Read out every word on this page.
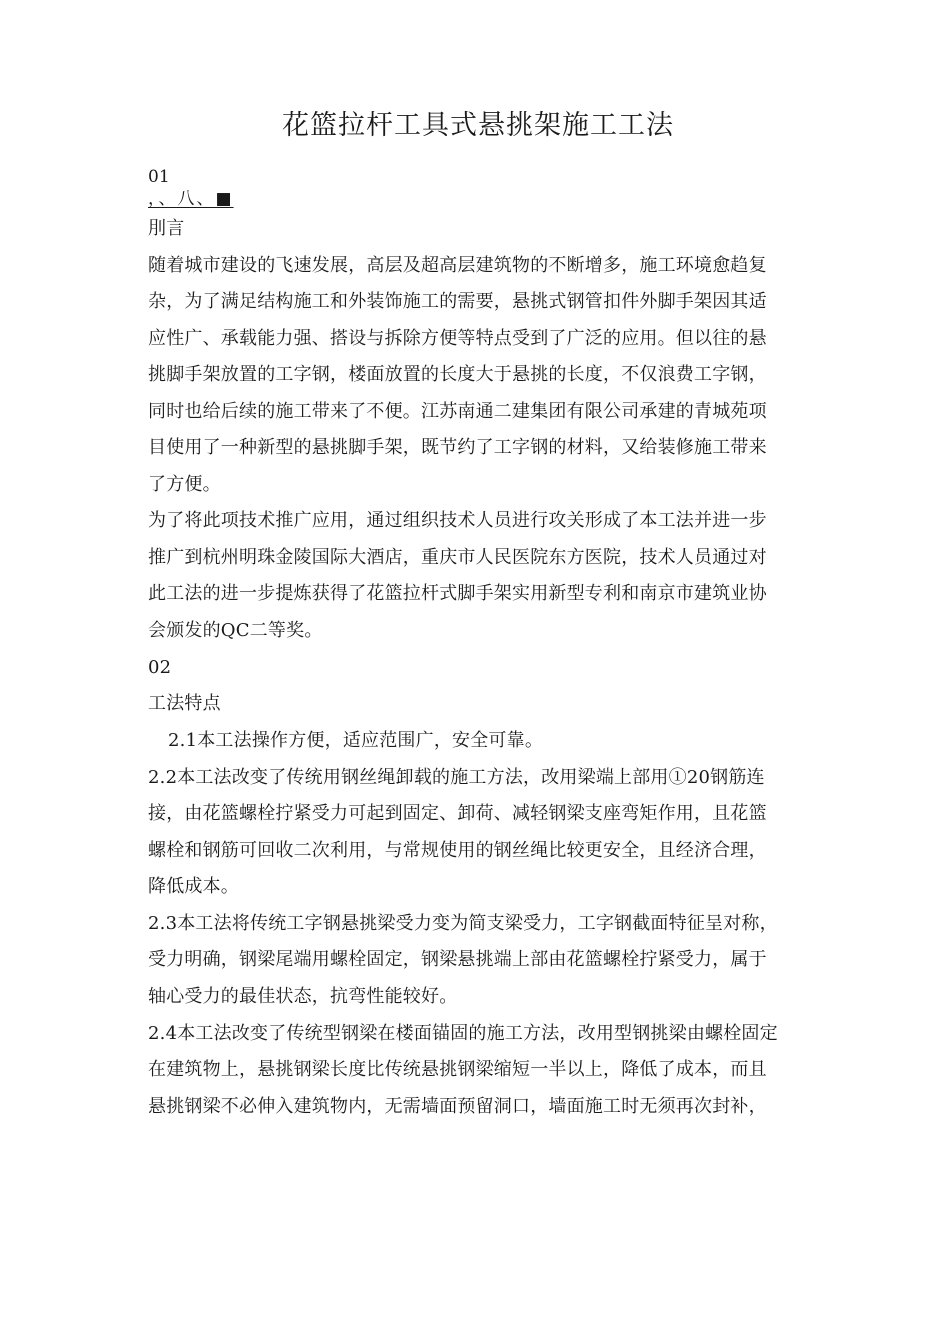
花篮拉杆工具式悬挑架施工工法
01
，、八、■
刖言
随着城市建设的飞速发展，高层及超高层建筑物的不断增多，施工环境愈趋复
杂，为了满足结构施工和外装饰施工的需要，悬挑式钢管扣件外脚手架因其适
应性广、承载能力强、搭设与拆除方便等特点受到了广泛的应用。但以往的悬
挑脚手架放置的工字钢，楼面放置的长度大于悬挑的长度，不仅浪费工字钢，
同时也给后续的施工带来了不便。江苏南通二建集团有限公司承建的青城苑项
目使用了一种新型的悬挑脚手架，既节约了工字钢的材料，又给装修施工带来
了方便。
为了将此项技术推广应用，通过组织技术人员进行攻关形成了本工法并进一步
推广到杭州明珠金陵国际大酒店，重庆市人民医院东方医院，技术人员通过对
此工法的进一步提炼获得了花篮拉杆式脚手架实用新型专利和南京市建筑业协
会颁发的QC二等奖。
02
工法特点
2.1本工法操作方便，适应范围广，安全可靠。
2.2本工法改变了传统用钢丝绳卸载的施工方法，改用梁端上部用①20钢筋连
接，由花篮螺栓拧紧受力可起到固定、卸荷、减轻钢梁支座弯矩作用，且花篮
螺栓和钢筋可回收二次利用，与常规使用的钢丝绳比较更安全，且经济合理，
降低成本。
2.3本工法将传统工字钢悬挑梁受力变为简支梁受力，工字钢截面特征呈对称，
受力明确，钢梁尾端用螺栓固定，钢梁悬挑端上部由花篮螺栓拧紧受力，属于
轴心受力的最佳状态，抗弯性能较好。
2.4本工法改变了传统型钢梁在楼面锚固的施工方法，改用型钢挑梁由螺栓固定
在建筑物上，悬挑钢梁长度比传统悬挑钢梁缩短一半以上，降低了成本，而且
悬挑钢梁不必伸入建筑物内，无需墙面预留洞口，墙面施工时无须再次封补，
